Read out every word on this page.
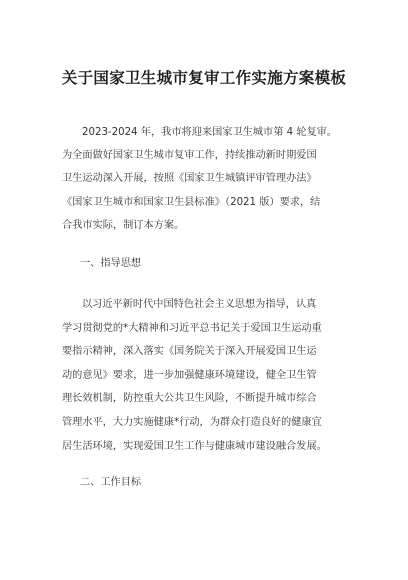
关于国家卫生城市复审工作实施方案模板
2023-2024 年，我市将迎来国家卫生城市第 4 轮复审。
为全面做好国家卫生城市复审工作，持续推动新时期爱国
卫生运动深入开展，按照《国家卫生城镇评审管理办法》
《国家卫生城市和国家卫生县标准》（2021 版）要求，结
合我市实际，制订本方案。
一、指导思想
以习近平新时代中国特色社会主义思想为指导，认真
学习贯彻党的*大精神和习近平总书记关于爱国卫生运动重
要指示精神，深入落实《国务院关于深入开展爱国卫生运
动的意见》要求，进一步加强健康环境建设，健全卫生管
理长效机制，防控重大公共卫生风险，不断提升城市综合
管理水平，大力实施健康*行动，为群众打造良好的健康宜
居生活环境，实现爱国卫生工作与健康城市建设融合发展。
二、工作目标
